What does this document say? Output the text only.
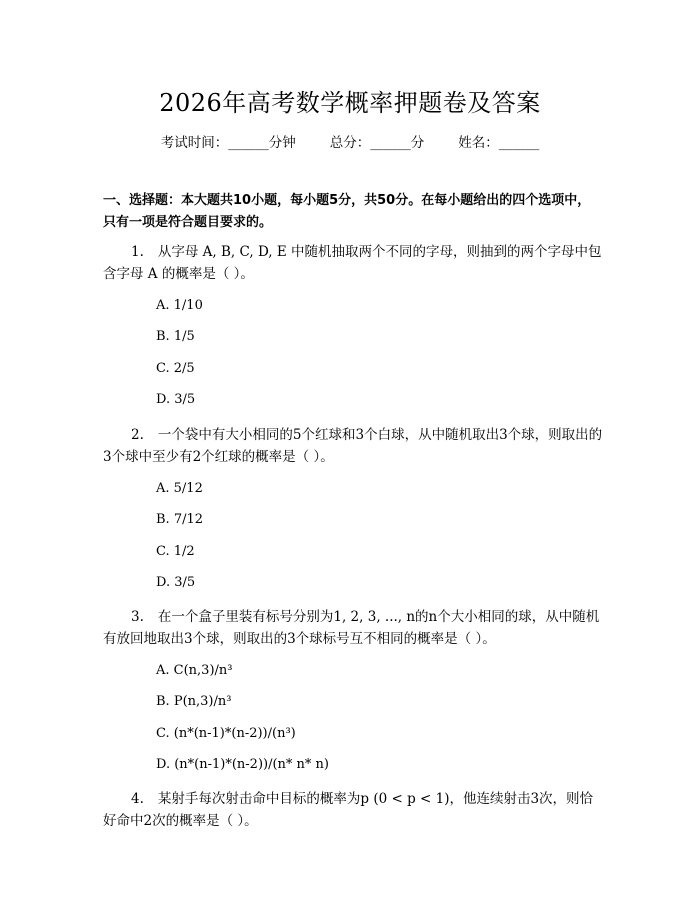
2026年高考数学概率押题卷及答案
考试时间：______分钟	总分：______分	姓名：______
一、选择题：本大题共10小题，每小题5分，共50分。在每小题给出的四个选项中，只有一项是符合题目要求的。
1. 从字母 A, B, C, D, E 中随机抽取两个不同的字母，则抽到的两个字母中包含字母 A 的概率是（ ）。
A. 1/10
B. 1/5
C. 2/5
D. 3/5
2. 一个袋中有大小相同的5个红球和3个白球，从中随机取出3个球，则取出的3个球中至少有2个红球的概率是（ ）。
A. 5/12
B. 7/12
C. 1/2
D. 3/5
3. 在一个盒子里装有标号分别为1, 2, 3, ..., n的n个大小相同的球，从中随机有放回地取出3个球，则取出的3个球标号互不相同的概率是（ ）。
A. C(n,3)/n³
B. P(n,3)/n³
C. (n*(n-1)*(n-2))/(n³)
D. (n*(n-1)*(n-2))/(n* n* n)
4. 某射手每次射击命中目标的概率为p (0 < p < 1)，他连续射击3次，则恰好命中2次的概率是（ ）。
